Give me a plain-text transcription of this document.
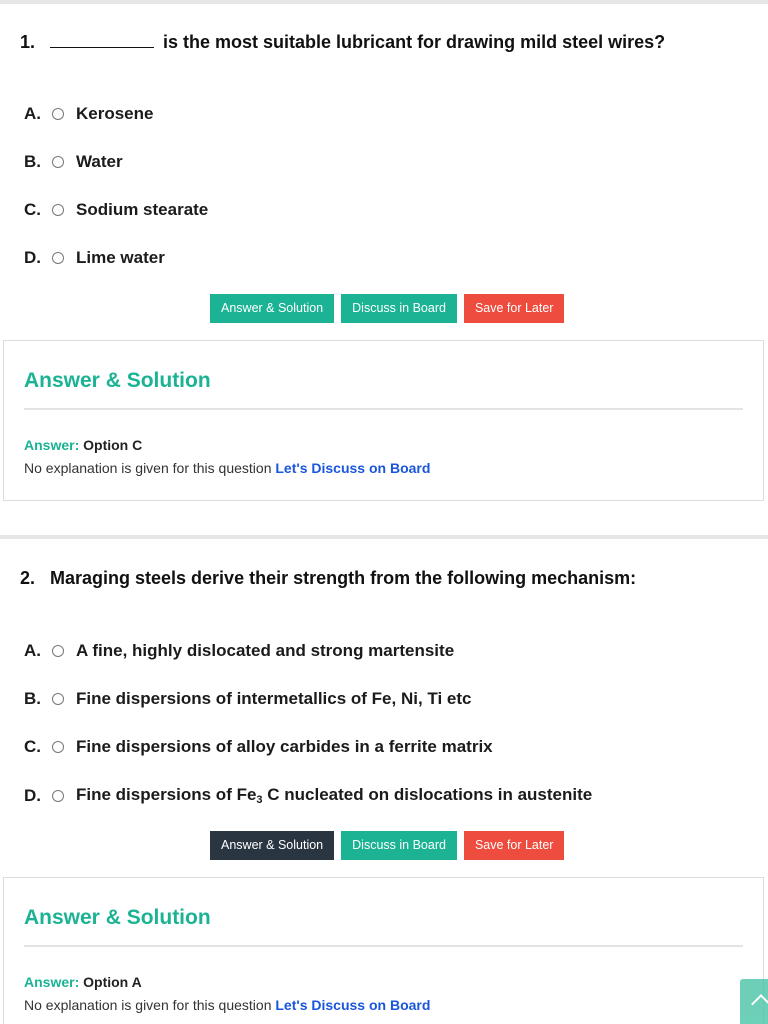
1.	is the most suitable lubricant for drawing mild steel wires?
A.	Kerosene
B.	Water
C.	Sodium stearate
D.	Lime water
Answer & Solution	Discuss in Board	Save for Later
Answer & Solution
Answer: Option C
No explanation is given for this question Let's Discuss on Board
2. Maraging steels derive their strength from the following mechanism:
A.	A fine, highly dislocated and strong martensite
B.	Fine dispersions of intermetallics of Fe, Ni, Ti etc
C.	Fine dispersions of alloy carbides in a ferrite matrix
D.	Fine dispersions of $Fe_3$ C nucleated on dislocations in austenite
Answer & Solution	Discuss in Board	Save for Later
Answer & Solution
Answer: Option A
No explanation is given for this question Let's Discuss on Board
